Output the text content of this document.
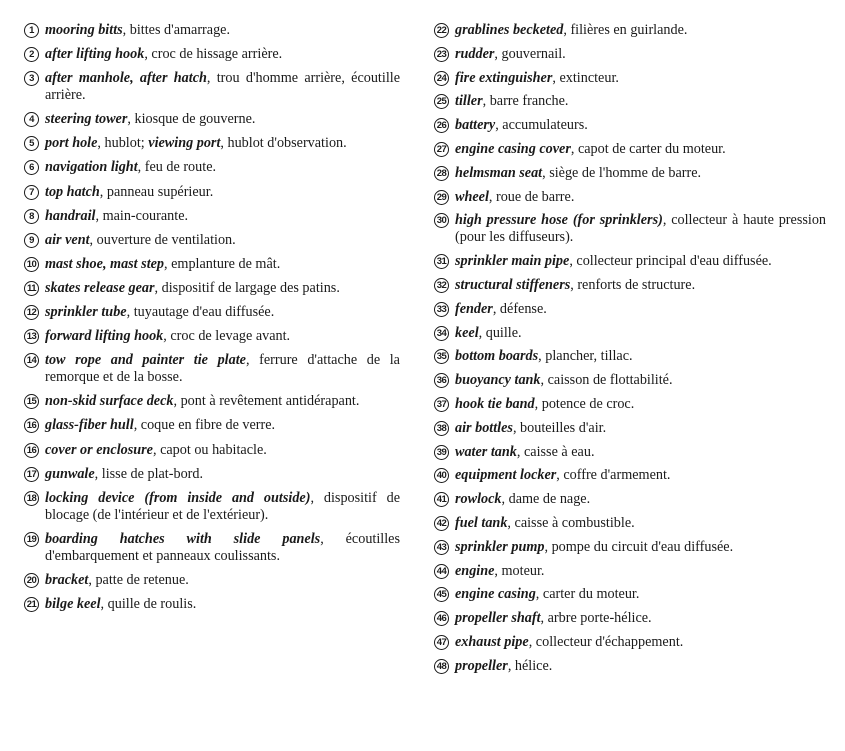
1 mooring bitts, bittes d'amarrage.
2 after lifting hook, croc de hissage arrière.
3 after manhole, after hatch, trou d'homme arrière, écoutille arrière.
4 steering tower, kiosque de gouverne.
5 port hole, hublot; viewing port, hublot d'observation.
6 navigation light, feu de route.
7 top hatch, panneau supérieur.
8 handrail, main-courante.
9 air vent, ouverture de ventilation.
10 mast shoe, mast step, emplanture de mât.
11 skates release gear, dispositif de largage des patins.
12 sprinkler tube, tuyautage d'eau diffusée.
13 forward lifting hook, croc de levage avant.
14 tow rope and painter tie plate, ferrure d'attache de la remorque et de la bosse.
15 non-skid surface deck, pont à revêtement antidérapant.
16 glass-fiber hull, coque en fibre de verre.
16 cover or enclosure, capot ou habitacle.
17 gunwale, lisse de plat-bord.
18 locking device (from inside and outside), dispositif de blocage (de l'intérieur et de l'extérieur).
19 boarding hatches with slide panels, écoutilles d'embarquement et panneaux coulissants.
20 bracket, patte de retenue.
21 bilge keel, quille de roulis.
22 grablines becketed, filières en guirlande.
23 rudder, gouvernail.
24 fire extinguisher, extincteur.
25 tiller, barre franche.
26 battery, accumulateurs.
27 engine casing cover, capot de carter du moteur.
28 helmsman seat, siège de l'homme de barre.
29 wheel, roue de barre.
30 high pressure hose (for sprinklers), collecteur à haute pression (pour les diffuseurs).
31 sprinkler main pipe, collecteur principal d'eau diffusée.
32 structural stiffeners, renforts de structure.
33 fender, défense.
34 keel, quille.
35 bottom boards, plancher, tillac.
36 buoyancy tank, caisson de flottabilité.
37 hook tie band, potence de croc.
38 air bottles, bouteilles d'air.
39 water tank, caisse à eau.
40 equipment locker, coffre d'armement.
41 rowlock, dame de nage.
42 fuel tank, caisse à combustible.
43 sprinkler pump, pompe du circuit d'eau diffusée.
44 engine, moteur.
45 engine casing, carter du moteur.
46 propeller shaft, arbre porte-hélice.
47 exhaust pipe, collecteur d'échappement.
48 propeller, hélice.
